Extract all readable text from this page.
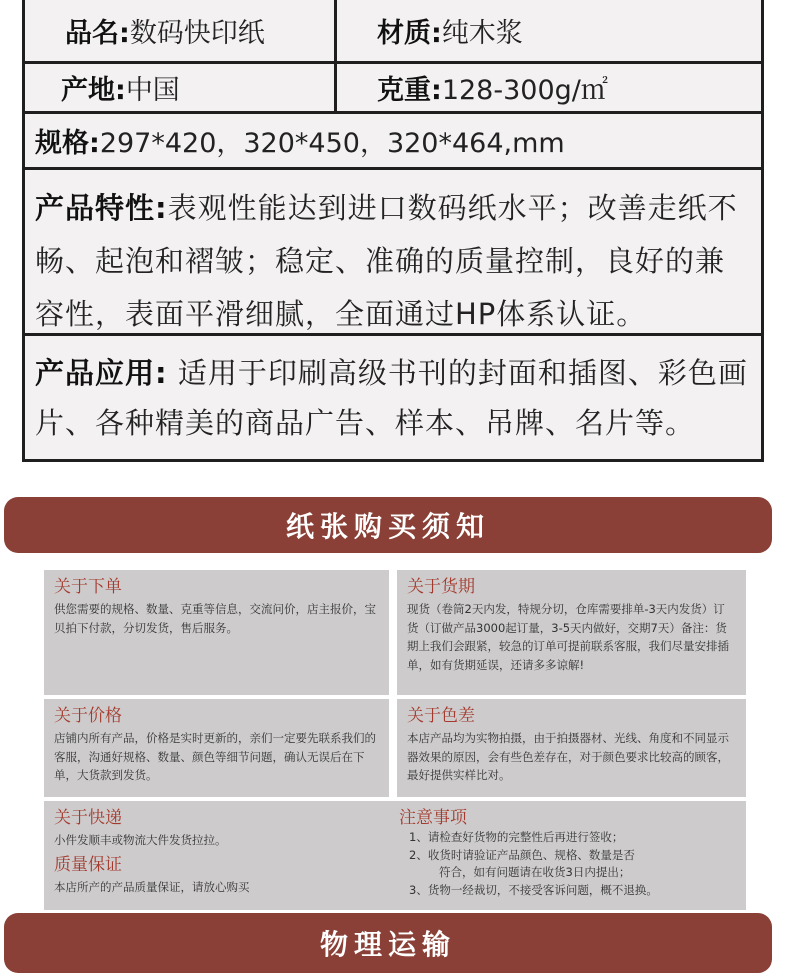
品名: 数码快印纸	材质: 纯木浆
产地: 中国	克重: 128-300g/㎡
规格: 297*420，320*450，320*464,mm
产品特性:表观性能达到进口数码纸水平；改善走纸不畅、起泡和褶皱；稳定、准确的质量控制，良好的兼容性，表面平滑细腻，全面通过HP体系认证。
产品应用: 适用于印刷高级书刊的封面和插图、彩色画片、各种精美的商品广告、样本、吊牌、名片等。
纸张购买须知
关于下单

供您需要的规格、数量、克重等信息，交流问价，店主报价，宝贝拍下付款，分切发货，售后服务。

关于货期

现货（卷筒2天内发，特规分切，仓库需要排单-3天内发货）订货（订做产品3000起订量，3-5天内做好，交期7天）备注：货期上我们会跟紧，较急的订单可提前联系客服，我们尽量安排插单，如有货期延误，还请多多谅解!

关于价格

店铺内所有产品，价格是实时更新的，亲们一定要先联系我们的客服，沟通好规格、数量、颜色等细节问题，确认无误后在下单，大货款到发货。

关于色差

本店产品均为实物拍摄，由于拍摄器材、光线、角度和不同显示器效果的原因，会有些色差存在，对于颜色要求比较高的顾客，最好提供实样比对。

关于快递

小件发顺丰或物流大件发货拉拉。

质量保证

本店所产的产品质量保证，请放心购买

注意事项
1、请检查好货物的完整性后再进行签收；
2、收货时请验证产品颜色、规格、数量是否
符合，如有问题请在收货3日内提出；
3、货物一经裁切，不接受客诉问题，概不退换。
物理运输
